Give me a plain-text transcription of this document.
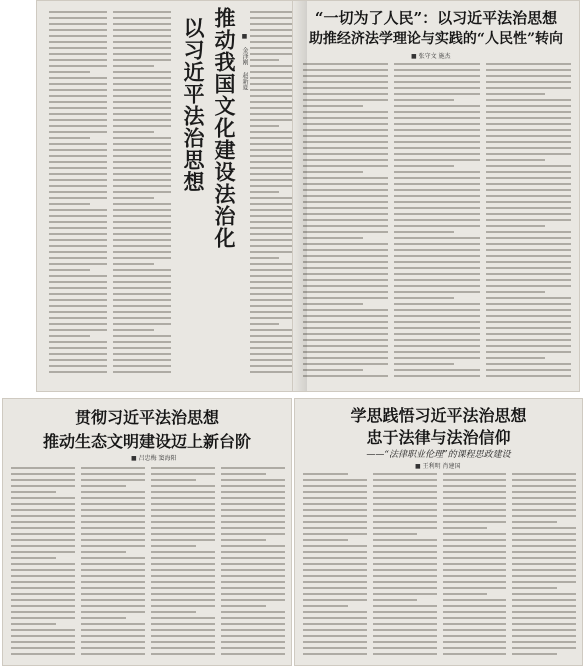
推动我国文化建设法治化
以习近平法治思想	■ 金泽刚 赵新夏
“一切为了人民”：以习近平法治思想
助推经济法学理论与实践的“人民性”转向
■ 张守文 施杰
贯彻习近平法治思想
推动生态文明建设迈上新台阶
■ 吕忠梅 窦海阳
学思践悟习近平法治思想
忠于法律与法治信仰
——“法律职业伦理”的课程思政建设
■ 王利明 肖建国
